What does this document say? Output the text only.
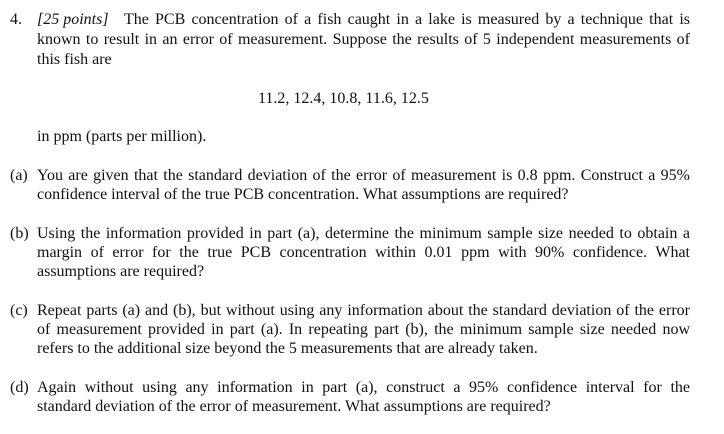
4. [25 points] The PCB concentration of a fish caught in a lake is measured by a technique that is
known to result in an error of measurement. Suppose the results of 5 independent measurements of
this fish are
11.2, 12.4, 10.8, 11.6, 12.5
in ppm (parts per million).
(a) You are given that the standard deviation of the error of measurement is 0.8 ppm. Construct a 95%
confidence interval of the true PCB concentration. What assumptions are required?
(b) Using the information provided in part (a), determine the minimum sample size needed to obtain a
margin of error for the true PCB concentration within 0.01 ppm with 90% confidence. What
assumptions are required?
(c) Repeat parts (a) and (b), but without using any information about the standard deviation of the error
of measurement provided in part (a). In repeating part (b), the minimum sample size needed now
refers to the additional size beyond the 5 measurements that are already taken.
(d) Again without using any information in part (a), construct a 95% confidence interval for the
standard deviation of the error of measurement. What assumptions are required?
